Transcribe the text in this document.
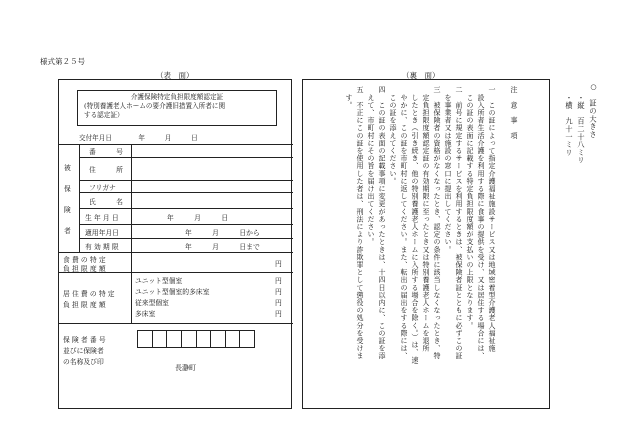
様式第２５号
（表　面）	（裏　面）
介護保険特定負担限度額認定証
(特別養護老人ホームの要介護旧措置入所者に関
する認定証）
交付年月日　　　　年　　　月　　　日
被
保
険
者
番　　　号
住　　　所
フリガナ
氏　　　名
生 年 月 日	年　　　月　　　日
適用年月日	年　　　月　　　日から
有 効 期 限	年　　　月　　　日まで
食 費 の 特 定
負 担 限 度 額
円
居 住 費 の 特 定
負 担 限 度 額
ユニット型個室	円
ユニット型個室的多床室	円
従来型個室	円
多床室	円
保 険 者 番 号
並びに保険者
の名称及び印
長瀞町
注　意　事　項
一　この証によって指定介護福祉施設サービス又は地域密着型介護老人福祉施
　設入所者生活介護を利用する際に食事の提供を受け、又は居住する場合には、
　この証の表面に記載する特定負担限度額が支払いの上限となります。
二　前号に規定するサービスを利用するときは、被保険者証とともに必ずこの証
　を事業者又は施設の窓口に提出してください。
三　被保険者の資格がなくなったとき、認定の条件に該当しなくなったとき、特
　定負担限度額認定証の有効期限に至ったとき又は特別養護老人ホームを退所
　したとき（引き続き、他の特別養護老人ホームに入所する場合を除く。）は、速
　やかに、この証を市町村に返してください。また、転出の届出をする際には、
　この証を添えてください。
四　この証の表面の記載事項に変更があったときは、十四日以内に、この証を添
　えて、市町村にその旨を届け出てください。
五　不正にこの証を使用した者は、刑法により詐欺罪として懲役の処分を受けま
　す。	○　証の大きさ
・縦　百二十八ミリ
・横　九十一ミリ
